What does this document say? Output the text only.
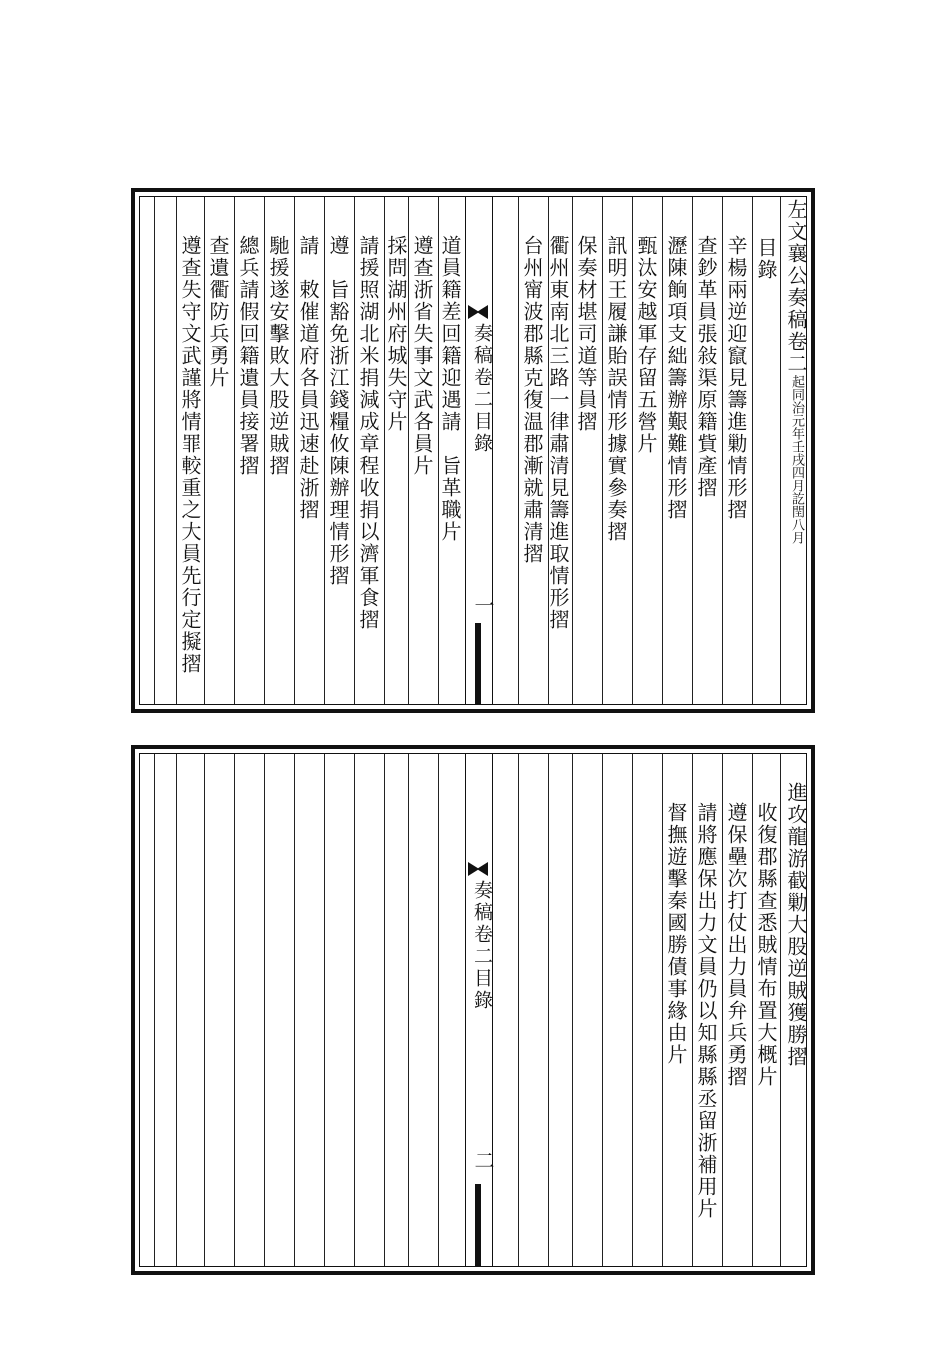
左文襄公奏稿卷二起同治元年壬戌四月訖閏八月
目錄
辛楊兩逆迎竄見籌進勦情形摺
查鈔革員張敍渠原籍貲產摺
瀝陳餉項支絀籌辦艱難情形摺
甄汰安越軍存留五營片
訊明王履謙貽誤情形據實參奏摺
保奏材堪司道等員摺
衢州東南北三路一律肅清見籌進取情形摺
台州甯波郡縣克復温郡漸就肅清摺
奏稿卷二目錄
一
道員籍差回籍迎遇請　旨革職片
遵查浙省失事文武各員片
採問湖州府城失守片
請援照湖北米捐減成章程收捐以濟軍食摺
遵　旨豁免浙江錢糧攸陳辦理情形摺
請　敕催道府各員迅速赴浙摺
馳援遂安擊敗大股逆賊摺
總兵請假回籍遺員接署摺
查遺衢防兵勇片
遵查失守文武謹將情罪較重之大員先行定擬摺
進攻龍游截勦大股逆賊獲勝摺
收復郡縣查悉賊情布置大概片
遵保壘次打仗出力員弁兵勇摺
請將應保出力文員仍以知縣縣丞留浙補用片
督撫遊擊秦國勝債事緣由片
奏稿卷二目錄
二
